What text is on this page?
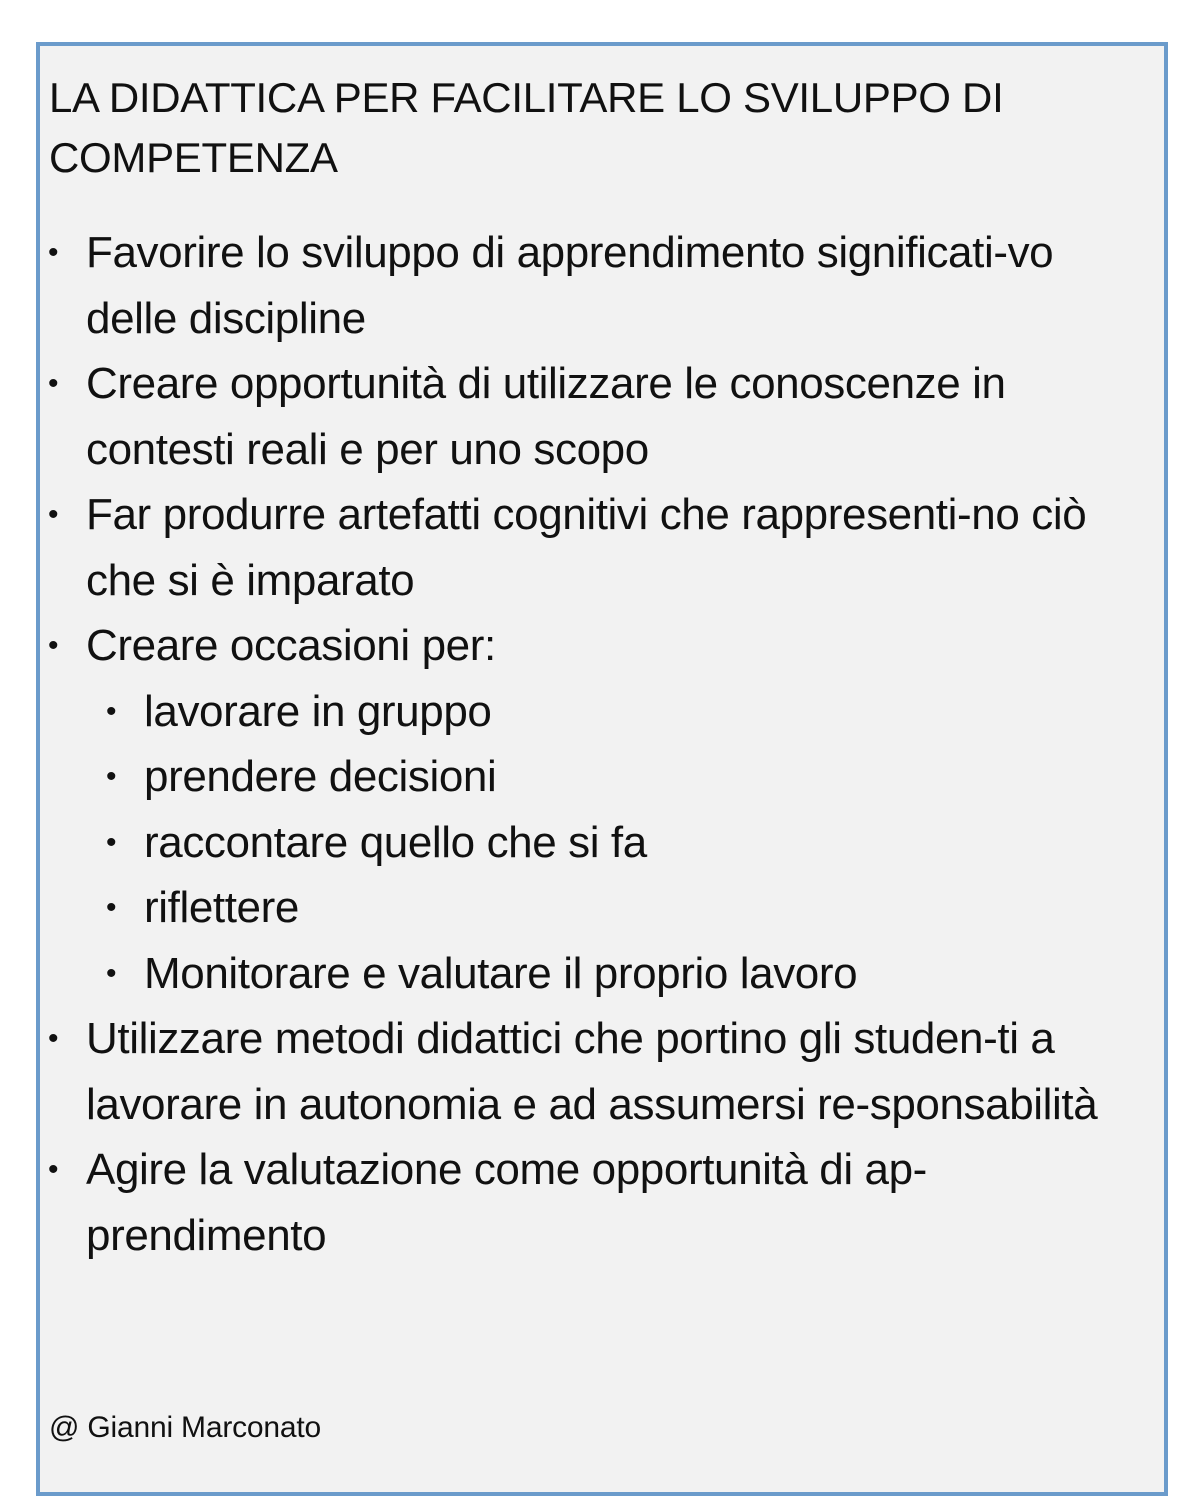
LA DIDATTICA PER FACILITARE LO SVILUPPO DI COMPETENZA
• Favorire lo sviluppo di apprendimento significati-vo delle discipline
• Creare opportunità di utilizzare le conoscenze in contesti reali e per uno scopo
• Far produrre artefatti cognitivi che rappresenti-no ciò che si è imparato
• Creare occasioni per:
• lavorare in gruppo
• prendere decisioni
• raccontare quello che si fa
• riflettere
• Monitorare e valutare il proprio lavoro
• Utilizzare metodi didattici che portino gli studen-ti a lavorare in autonomia e ad assumersi re-sponsabilità
• Agire la valutazione come opportunità di ap-prendimento
@ Gianni Marconato
